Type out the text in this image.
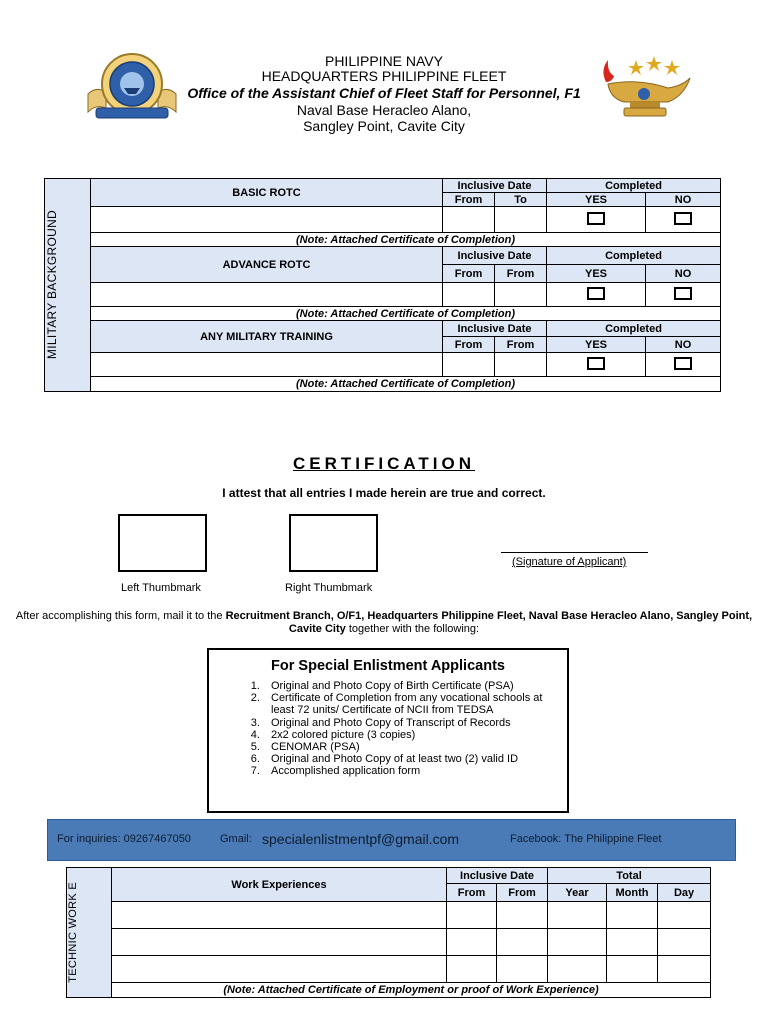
PHILIPPINE NAVY
HEADQUARTERS PHILIPPINE FLEET
Office of the Assistant Chief of Fleet Staff for Personnel, F1
Naval Base Heracleo Alano,
Sangley Point, Cavite City
MILITARY BACKGROUND	BASIC ROTC	Inclusive Date		Completed	
		From	To	YES	NO

	(Note: Attached Certificate of Completion)				
	ADVANCE ROTC	Inclusive Date		Completed	
		From	From	YES	NO

	(Note: Attached Certificate of Completion)				
	ANY MILITARY TRAINING	Inclusive Date		Completed	
		From	From	YES	NO

	(Note: Attached Certificate of Completion)				
CERTIFICATION
I attest that all entries I made herein are true and correct.
Left Thumbmark	Right Thumbmark
(Signature of Applicant)
After accomplishing this form, mail it to the Recruitment Branch, O/F1, Headquarters Philippine Fleet, Naval Base Heracleo Alano, Sangley Point, Cavite City together with the following:
For Special Enlistment Applicants
1. Original and Photo Copy of Birth Certificate (PSA)
2. Certificate of Completion from any vocational schools at least 72 units/ Certificate of NCII from TEDSA
3. Original and Photo Copy of Transcript of Records
4. 2x2 colored picture (3 copies)
5. CENOMAR (PSA)
6. Original and Photo Copy of at least two (2) valid ID
7. Accomplished application form
For inquiries: 09267467050	Gmail: specialenlistmentpf@gmail.com	Facebook: The Philippine Fleet
TECHNIC WORK E	Work Experiences	Inclusive Date		Total		
		From	From	Year	Month	Day

	(Note: Attached Certificate of Employment or proof of Work Experience)					
